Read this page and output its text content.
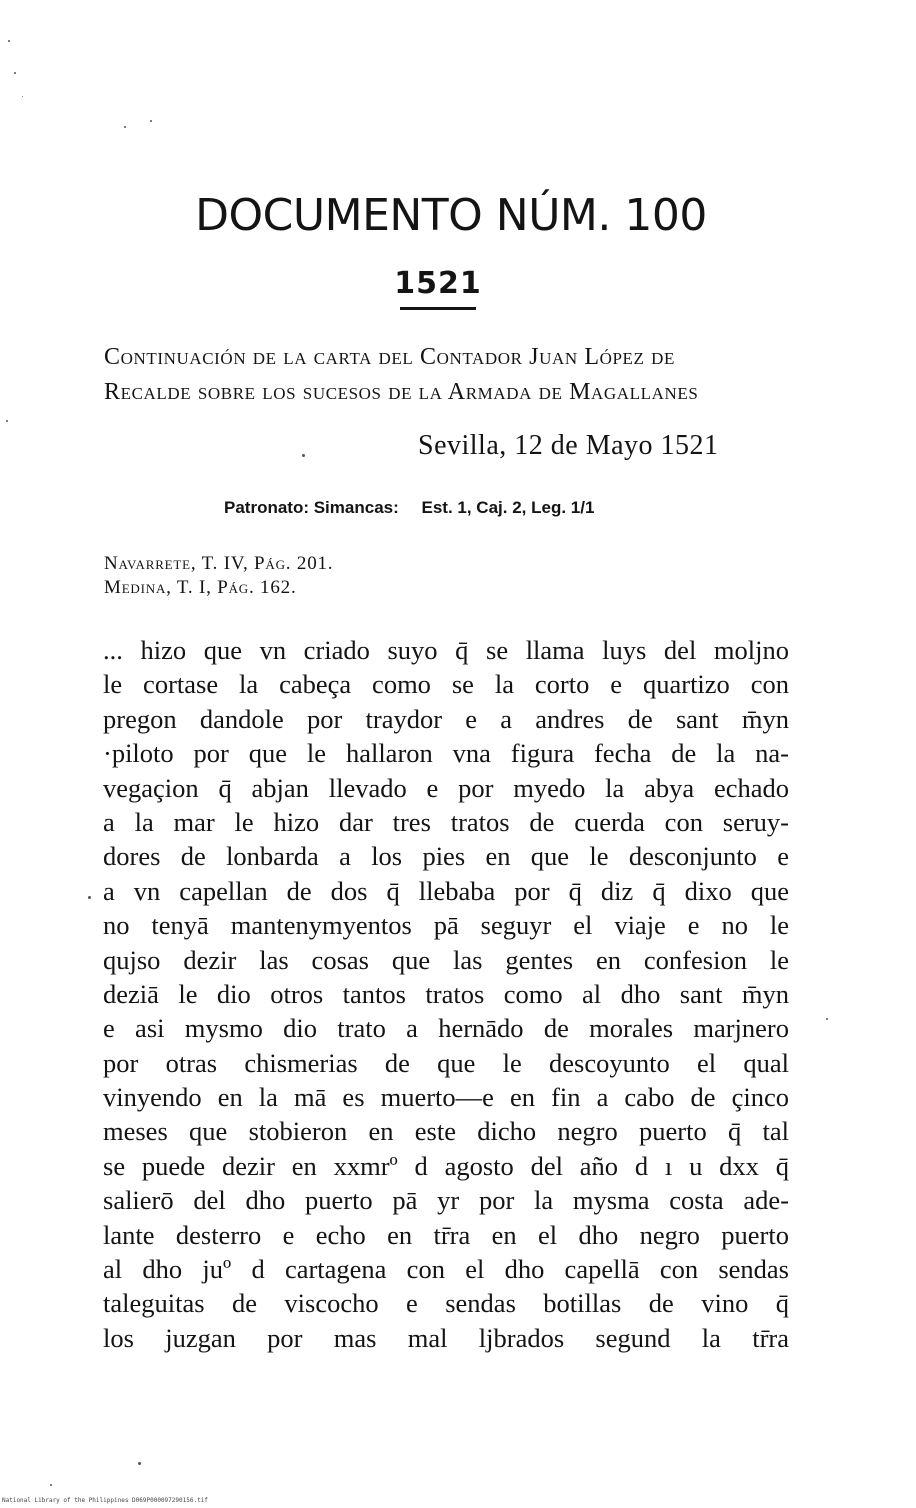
DOCUMENTO NÚM. 100
1521
Continuación de la carta del Contador Juan López de
Recalde sobre los sucesos de la Armada de Magallanes
Sevilla, 12 de Mayo 1521
Patronato: Simancas: Est. 1, Caj. 2, Leg. 1/1
Navarrete, T. IV, Pág. 201.
Medina, T. I, Pág. 162.
... hizo que vn criado suyo q̄ se llama luys del moljno
le cortase la cabeça como se la corto e quartizo con
pregon dandole por traydor e a andres de sant m̄yn
·piloto por que le hallaron vna figura fecha de la na-
vegaçion q̄ abjan llevado e por myedo la abya echado
a la mar le hizo dar tres tratos de cuerda con seruy-
dores de lonbarda a los pies en que le desconjunto e
a vn capellan de dos q̄ llebaba por q̄ diz q̄ dixo que
no tenyā mantenymyentos pā seguyr el viaje e no le
qujso dezir las cosas que las gentes en confesion le
deziā le dio otros tantos tratos como al dho sant m̄yn
e asi mysmo dio trato a hernādo de morales marjnero
por otras chismerias de que le descoyunto el qual
vinyendo en la mā es muerto—e en fin a cabo de çinco
meses que stobieron en este dicho negro puerto q̄ tal
se puede dezir en xxmrº d agosto del año d ı u dxx q̄
salierō del dho puerto pā yr por la mysma costa ade-
lante desterro e echo en tr̄ra en el dho negro puerto
al dho juº d cartagena con el dho capellā con sendas
taleguitas de viscocho e sendas botillas de vino q̄
los juzgan por mas mal ljbrados segund la tr̄ra
National Library of the Philippines D069P000097290156.tif
